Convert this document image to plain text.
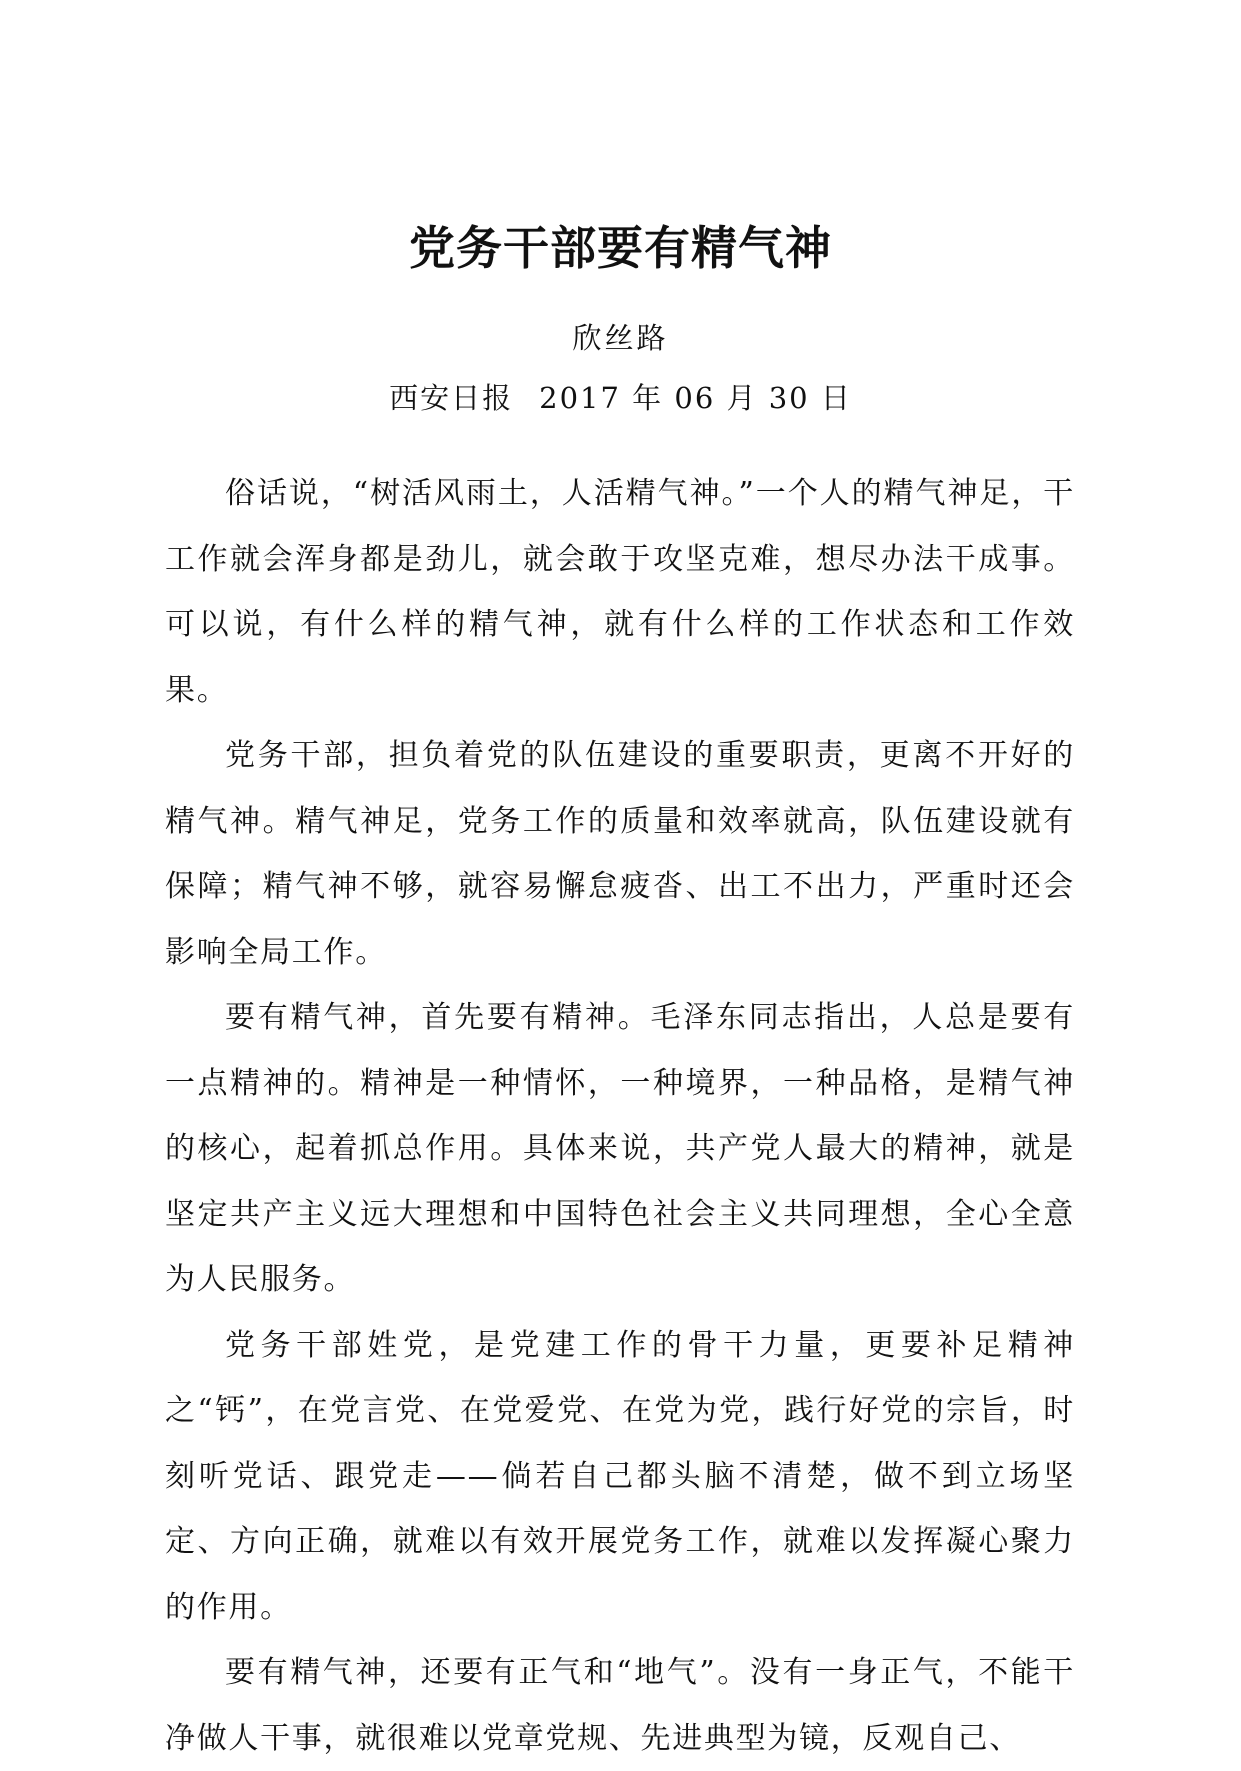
党务干部要有精气神
欣丝路
西安日报 2017 年 06 月 30 日

俗话说，“树活风雨土，人活精气神。”一个人的精气神足，干工作就会浑身都是劲儿，就会敢于攻坚克难，想尽办法干成事。可以说，有什么样的精气神，就有什么样的工作状态和工作效果。

党务干部，担负着党的队伍建设的重要职责，更离不开好的精气神。精气神足，党务工作的质量和效率就高，队伍建设就有保障；精气神不够，就容易懈怠疲沓、出工不出力，严重时还会影响全局工作。

要有精气神，首先要有精神。毛泽东同志指出，人总是要有一点精神的。精神是一种情怀，一种境界，一种品格，是精气神的核心，起着抓总作用。具体来说，共产党人最大的精神，就是坚定共产主义远大理想和中国特色社会主义共同理想，全心全意为人民服务。

党务干部姓党，是党建工作的骨干力量，更要补足精神之“钙”，在党言党、在党爱党、在党为党，践行好党的宗旨，时刻听党话、跟党走——倘若自己都头脑不清楚，做不到立场坚定、方向正确，就难以有效开展党务工作，就难以发挥凝心聚力的作用。

要有精气神，还要有正气和“地气”。没有一身正气，不能干净做人干事，就很难以党章党规、先进典型为镜，反观自己、
